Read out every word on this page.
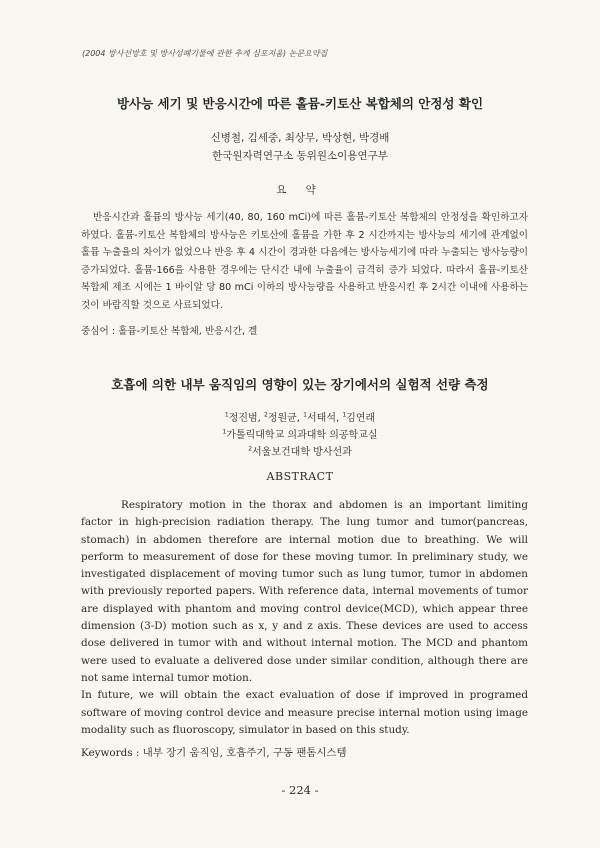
(2004 방사선방호 및 방사성폐기물에 관한 추계 심포지움) 논문요약집
방사능 세기 및 반응시간에 따른 홀뮴-키토산 복합체의 안정성 확인
신병철, 김세중, 최상무, 박상현, 박경배
한국원자력연구소 동위원소이용연구부
요 약
반응시간과 홀뮴의 방사능 세기(40, 80, 160 mCi)에 따른 홀뮴-키토산 복합체의 안정성을 확인하고자 하였다. 홀뮴-키토산 복합체의 방사능은 키토산에 홀뮴을 가한 후 2 시간까지는 방사능의 세기에 관계없이 홀뮴 누출율의 차이가 없었으나 반응 후 4 시간이 경과한 다음에는 방사능세기에 따라 누출되는 방사능량이 증가되었다. 홀뮴-166을 사용한 경우에는 단시간 내에 누출율이 급격히 증가 되었다. 따라서 홀뮴-키토산 복합체 제조 시에는 1 바이알 당 80 mCi 이하의 방사능량을 사용하고 반응시킨 후 2시간 이내에 사용하는 것이 바람직할 것으로 사료되었다.
중심어 : 홀뮴-키토산 복합체, 반응시간, 겔
호흡에 의한 내부 움직임의 영향이 있는 장기에서의 실험적 선량 측정
$^1$정진범, $^2$정원균, $^1$서태석, $^1$김연래
$^1$가톨릭대학교 의과대학 의공학교실
$^2$서울보건대학 방사선과
ABSTRACT

Respiratory motion in the thorax and abdomen is an important limiting factor in high-precision radiation therapy. The lung tumor and tumor(pancreas, stomach) in abdomen therefore are internal motion due to breathing. We will perform to measurement of dose for these moving tumor. In preliminary study, we investigated displacement of moving tumor such as lung tumor, tumor in abdomen with previously reported papers. With reference data, internal movements of tumor are displayed with phantom and moving control device(MCD), which appear three dimension (3-D) motion such as x, y and z axis. These devices are used to access dose delivered in tumor with and without internal motion. The MCD and phantom were used to evaluate a delivered dose under similar condition, although there are not same internal tumor motion.

In future, we will obtain the exact evaluation of dose if improved in programed software of moving control device and measure precise internal motion using image modality such as fluoroscopy, simulator in based on this study.

Keywords : 내부 장기 움직임, 호흡주기, 구동 팬톰시스템
- 224 -
